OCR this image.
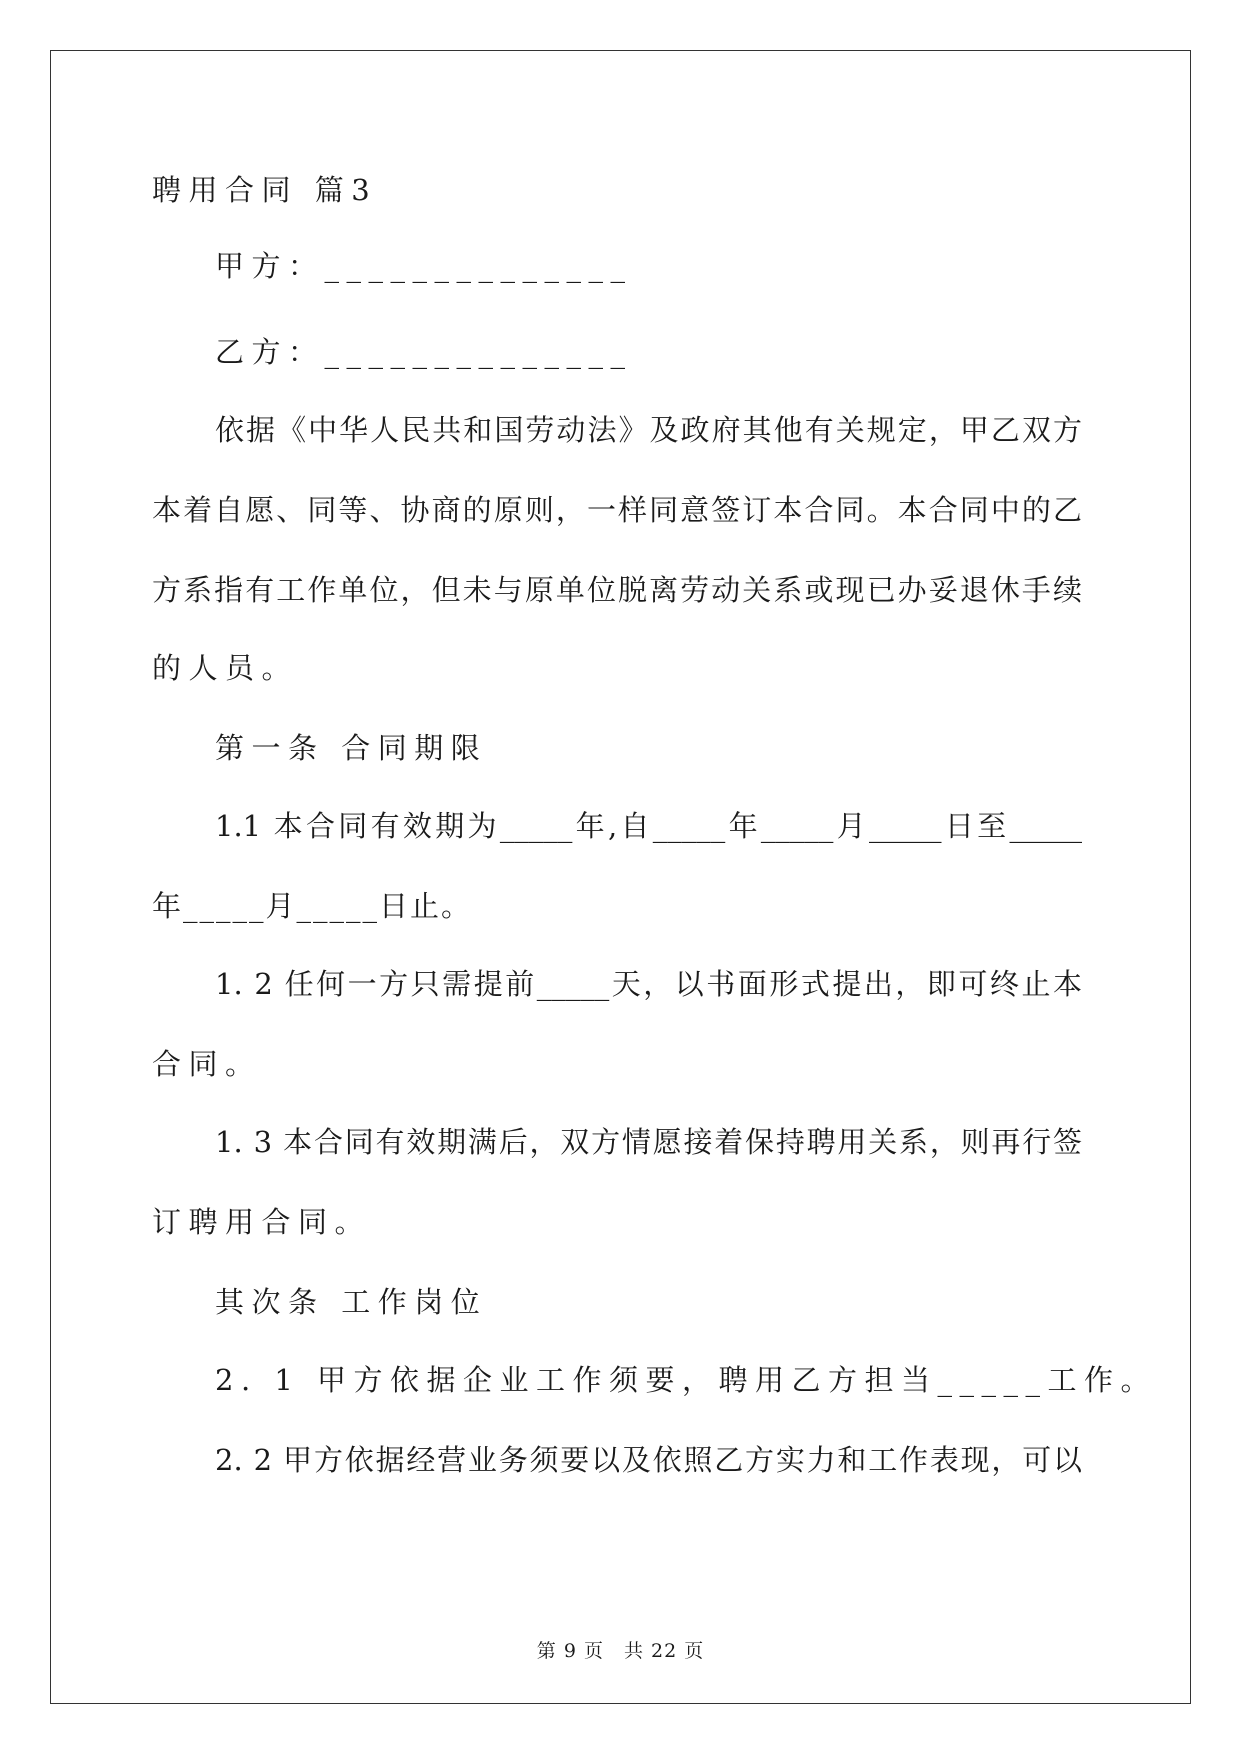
聘用合同 篇3
甲方：______________
乙方：______________
依据《中华人民共和国劳动法》及政府其他有关规定，甲乙双方
本着自愿、同等、协商的原则，一样同意签订本合同。本合同中的乙
方系指有工作单位，但未与原单位脱离劳动关系或现已办妥退休手续
的人员。
第一条 合同期限
1.1 本合同有效期为_____年,自_____年_____月_____日至_____
年_____月_____日止。
1. 2 任何一方只需提前_____天，以书面形式提出，即可终止本
合同。
1. 3 本合同有效期满后，双方情愿接着保持聘用关系，则再行签
订聘用合同。
其次条 工作岗位
2. 1 甲方依据企业工作须要，聘用乙方担当_____工作。
2. 2 甲方依据经营业务须要以及依照乙方实力和工作表现，可以
第 9 页　共 22 页
